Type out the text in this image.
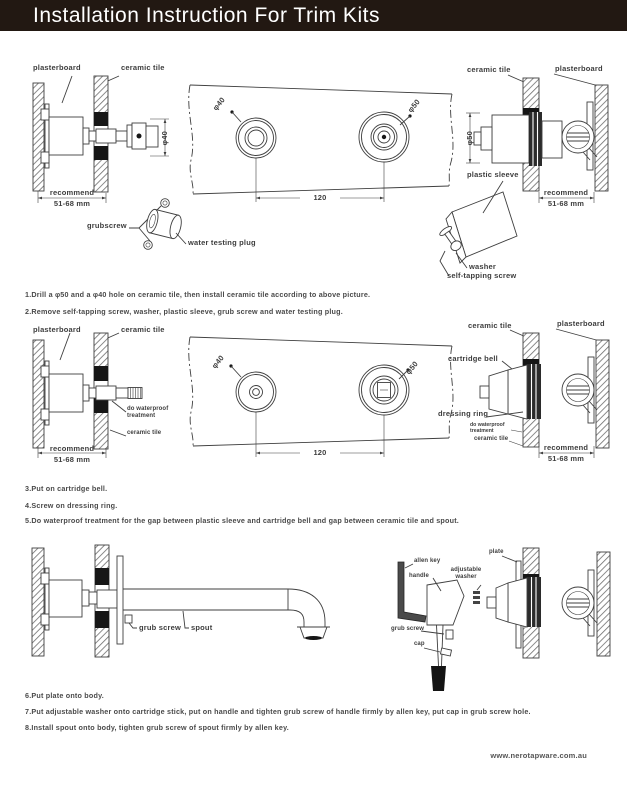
Installation Instruction For Trim Kits
plasterboard	ceramic tile
φ40
recommend
51-68 mm
grubscrew
water testing plug
φ40	φ50
120
ceramic tile	plasterboard
φ50
plastic sleeve
washer
self-tapping screw
recommend
51-68 mm
1.Drill a φ50 and a φ40 hole on ceramic tile, then install ceramic tile according to above picture.
2.Remove self-tapping screw, washer, plastic sleeve, grub screw and water testing plug.
plasterboard	ceramic tile
do waterproof treatment
ceramic tile
recommend
51-68 mm
φ40	φ50
120
ceramic tile	plasterboard
cartridge bell
dressing ring
do waterproof treatment
ceramic tile
recommend
51-68 mm
3.Put on cartridge bell.
4.Screw on dressing ring.
5.Do waterproof treatment for the gap between plastic sleeve and cartridge bell and gap between ceramic tile and spout.
grub screw spout
allen key
handle
adjustable washer
plate
grub screw
cap
6.Put plate onto body.
7.Put adjustable washer onto cartridge stick, put on handle and tighten grub screw of handle firmly by allen key, put cap in grub screw hole.
8.Install spout onto body, tighten grub screw of spout firmly by allen key.
www.nerotapware.com.au
